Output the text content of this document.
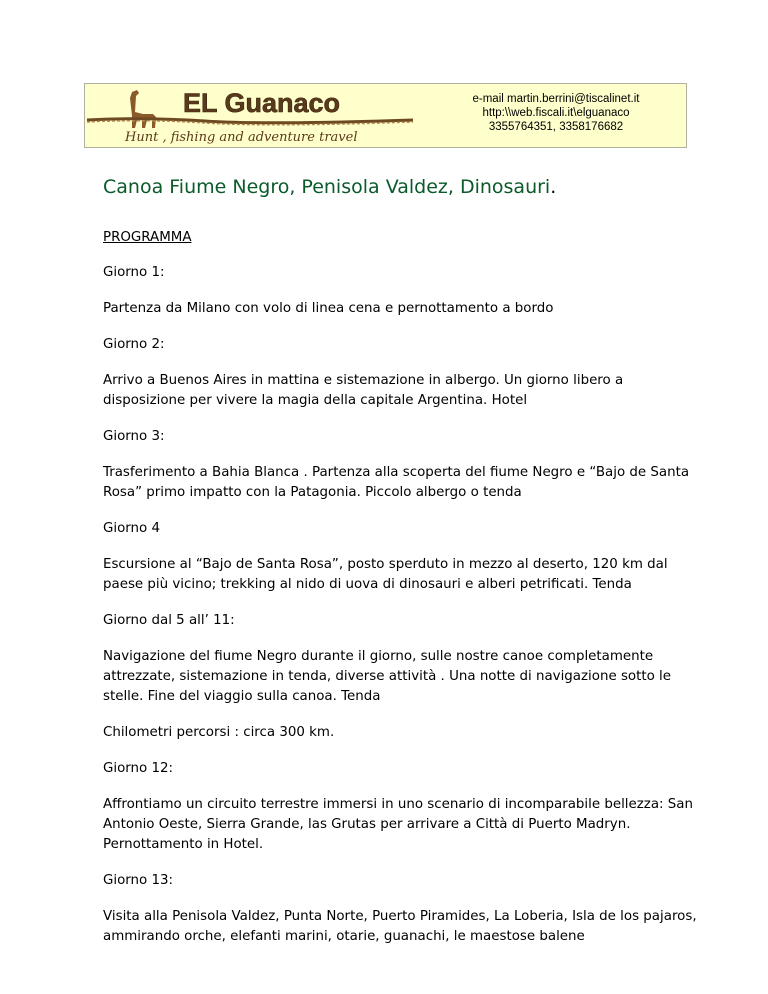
EL Guanaco
Hunt , fishing and adventure travel
e-mail martin.berrini@tiscalinet.it
http:\\web.fiscali.it\elguanaco
3355764351, 3358176682
Canoa Fiume Negro, Penisola Valdez, Dinosauri.

PROGRAMMA

Giorno 1:

Partenza da Milano con volo di linea cena e pernottamento a bordo

Giorno 2:

Arrivo a Buenos Aires in mattina e sistemazione in albergo. Un giorno libero a disposizione per vivere la magia della capitale Argentina. Hotel

Giorno 3:

Trasferimento a Bahia Blanca . Partenza alla scoperta del fiume Negro e “Bajo de Santa Rosa” primo impatto con la Patagonia. Piccolo albergo o tenda

Giorno 4

Escursione al “Bajo de Santa Rosa”, posto sperduto in mezzo al deserto, 120 km dal paese più vicino; trekking al nido di uova di dinosauri e alberi petrificati. Tenda

Giorno dal 5 all’ 11:

Navigazione del fiume Negro durante il giorno, sulle nostre canoe completamente attrezzate, sistemazione in tenda, diverse attività . Una notte di navigazione sotto le stelle. Fine del viaggio sulla canoa. Tenda

Chilometri percorsi : circa 300 km.

Giorno 12:

Affrontiamo un circuito terrestre immersi in uno scenario di incomparabile bellezza: San Antonio Oeste, Sierra Grande, las Grutas per arrivare a Città di Puerto Madryn. Pernottamento in Hotel.

Giorno 13:

Visita alla Penisola Valdez, Punta Norte, Puerto Piramides, La Loberia, Isla de los pajaros, ammirando orche, elefanti marini, otarie, guanachi, le maestose balene
